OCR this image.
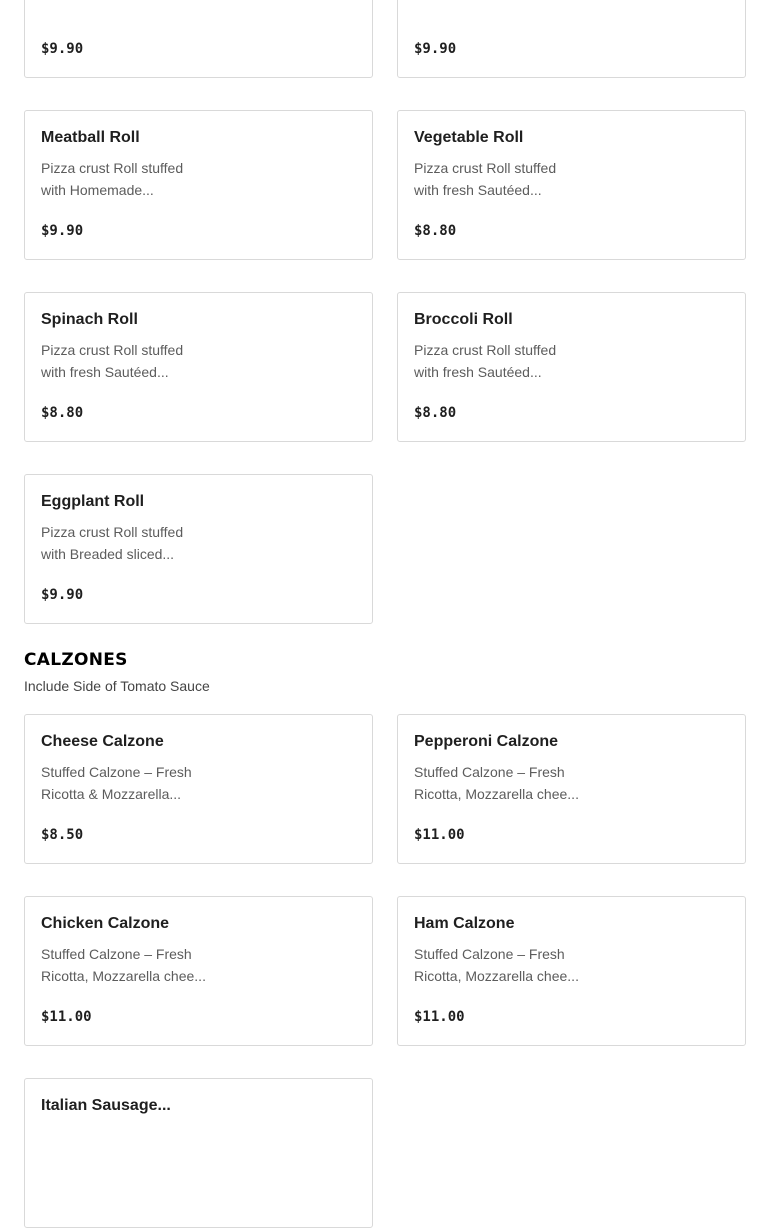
$9.90	$9.90
Meatball Roll
Pizza crust Roll stuffed
with Homemade...
$9.90
Vegetable Roll
Pizza crust Roll stuffed
with fresh Sautéed...
$8.80
Spinach Roll
Pizza crust Roll stuffed
with fresh Sautéed...
$8.80
Broccoli Roll
Pizza crust Roll stuffed
with fresh Sautéed...
$8.80
Eggplant Roll
Pizza crust Roll stuffed
with Breaded sliced...
$9.90
CALZONES
Include Side of Tomato Sauce
Cheese Calzone
Stuffed Calzone – Fresh
Ricotta & Mozzarella...
$8.50
Pepperoni Calzone
Stuffed Calzone – Fresh
Ricotta, Mozzarella chee...
$11.00
Chicken Calzone
Stuffed Calzone – Fresh
Ricotta, Mozzarella chee...
$11.00
Ham Calzone
Stuffed Calzone – Fresh
Ricotta, Mozzarella chee...
$11.00
Italian Sausage...
